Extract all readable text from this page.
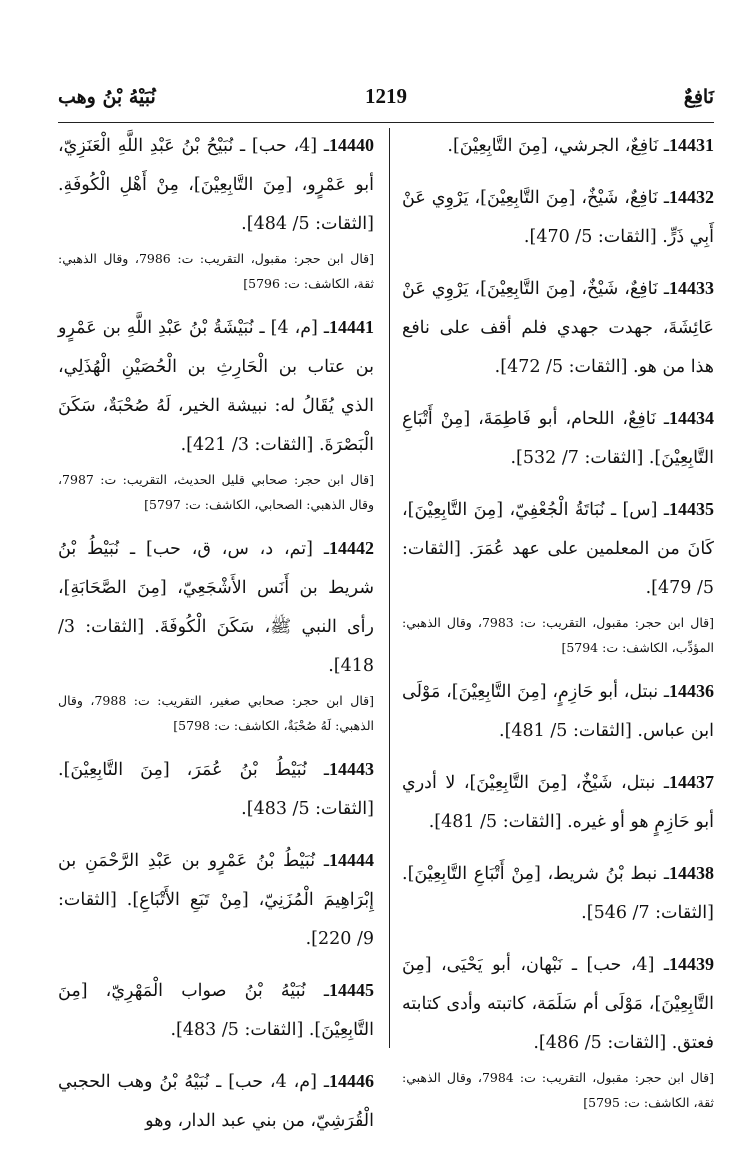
نَافِعٌ
1219
نُبَيْهُ بْنُ وهب

14431ـ نَافِعٌ، الجرشي، [مِنَ التَّابِعِيْنَ].

14432ـ نَافِعٌ، شَيْخٌ، [مِنَ التَّابِعِيْنَ]، يَرْوِي عَنْ أَبِي ذَرٍّ. [الثقات: 5/ 470].

14433ـ نَافِعٌ، شَيْخٌ، [مِنَ التَّابِعِيْنَ]، يَرْوِي عَنْ عَائِشَةَ، جهدت جهدي فلم أقف على نافع هذا من هو. [الثقات: 5/ 472].

14434ـ نَافِعٌ، اللحام، أبو فَاطِمَةَ، [مِنْ أَتْبَاعِ التَّابِعِيْنَ]. [الثقات: 7/ 532].

14435ـ [س] ـ نُبَاتَةُ الْجُعْفِيّ، [مِنَ التَّابِعِيْنَ]، كَانَ من المعلمين على عهد عُمَرَ. [الثقات: 5/ 479].

[قال ابن حجر: مقبول، التقريب: ت: 7983، وقال الذهبي: المؤدِّب، الكاشف: ت: 5794]

14436ـ نبتل، أبو حَازِمٍ، [مِنَ التَّابِعِيْنَ]، مَوْلَى ابن عباس. [الثقات: 5/ 481].

14437ـ نبتل، شَيْخٌ، [مِنَ التَّابِعِيْنَ]، لا أدري أبو حَازِمٍ هو أو غيره. [الثقات: 5/ 481].

14438ـ نبط بْنُ شريط، [مِنْ أَتْبَاعِ التَّابِعِيْنَ]. [الثقات: 7/ 546].

14439ـ [4، حب] ـ نَبْهان، أبو يَحْيَى، [مِنَ التَّابِعِيْنَ]، مَوْلَى أم سَلَمَة، كاتبته وأدى كتابته فعتق. [الثقات: 5/ 486].

[قال ابن حجر: مقبول، التقريب: ت: 7984، وقال الذهبي: ثقة، الكاشف: ت: 5795]

14440ـ [4، حب] ـ نُبَيْحُ بْنُ عَبْدِ اللَّهِ الْعَنَزِيّ، أبو عَمْرٍو، [مِنَ التَّابِعِيْنَ]، مِنْ أَهْلِ الْكُوفَةِ. [الثقات: 5/ 484].

[قال ابن حجر: مقبول، التقريب: ت: 7986، وقال الذهبي: ثقة، الكاشف: ت: 5796]

14441ـ [م، 4] ـ نُبَيْشَةُ بْنُ عَبْدِ اللَّهِ بن عَمْرٍو بن عتاب بن الْحَارِثِ بن الْحُصَيْنِ الْهُذَلِي، الذي يُقَالُ له: نبيشة الخير، لَهُ صُحْبَةٌ، سَكَنَ الْبَصْرَةَ. [الثقات: 3/ 421].

[قال ابن حجر: صحابي قليل الحديث، التقريب: ت: 7987، وقال الذهبي: الصحابي، الكاشف: ت: 5797]

14442ـ [تم، د، س، ق، حب] ـ نُبَيْطُ بْنُ شريط بن أَنَس الأَشْجَعِيّ، [مِنَ الصَّحَابَةِ]، رأى النبي ﷺ، سَكَنَ الْكُوفَةَ. [الثقات: 3/ 418].

[قال ابن حجر: صحابي صغير، التقريب: ت: 7988، وقال الذهبي: لَهُ صُحْبَةٌ، الكاشف: ت: 5798]

14443ـ نُبَيْطُ بْنُ عُمَرَ، [مِنَ التَّابِعِيْنَ]. [الثقات: 5/ 483].

14444ـ نُبَيْطُ بْنُ عَمْرٍو بن عَبْدِ الرَّحْمَنِ بن إِبْرَاهِيمَ الْمُزَنِيّ، [مِنْ تَبَعِ الأَتْبَاعِ]. [الثقات: 9/ 220].

14445ـ نُبَيْهُ بْنُ صواب الْمَهْرِيّ، [مِنَ التَّابِعِيْنَ]. [الثقات: 5/ 483].

14446ـ [م، 4، حب] ـ نُبَيْهُ بْنُ وهب الحجبي الْقُرَشِيّ، من بني عبد الدار، وهو
